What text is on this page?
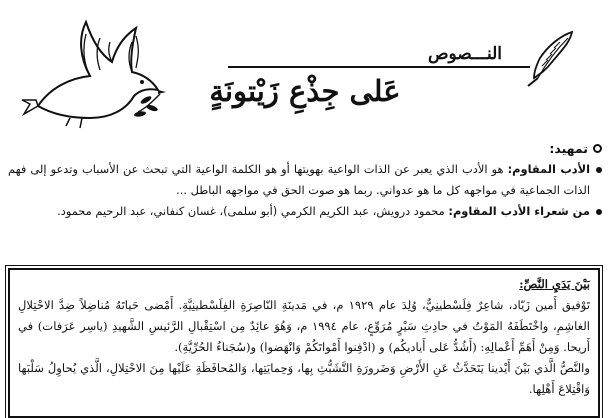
النـــصوص
عَلى جِذْعِ زَيْتونَةٍ
تمهيد:
الأدب المقاوم: هو الأدب الذي يعبر عن الذات الواعية بهويتها أو هو الكلمة الواعية التي تبحث عن الأسباب وتدعو إلى فهم الذات الجماعية في مواجهه كل ما هو عدواني. ربما هو صوت الحق في مواجهه الباطل ...
من شعراء الأدب المقاوم: محمود درويش، عبد الكريم الكرمي (أبو سلمى)، غسان كنفاني، عبد الرحيم محمود.
بَيْنَ يَدَيِ النَّصِّ:
تَوْفيق أَمين زَيّاد، شاعِرٌ فِلَسْطينِيٌّ، وُلِدَ عام ١٩٢٩ م، في مَدينَةِ النّاصِرَةِ الفِلَسْطينِيَّةِ. أَمْضى حَياتَهُ مُناضِلاً ضِدَّ الاحْتِلالِ الغاشِمِ، واخْتَطَفَهُ المَوْتُ في حادِثِ سَيْرٍ مُرَوِّعٍ، عام ١٩٩٤ م، وَهُوَ عائِدٌ مِن اسْتِقْبالِ الرَّئيسِ الشَّهيدِ (ياسِر عَرَفات) في أَريحا. وَمِنْ أَهَمِّ أَعْمالِهِ: (أَشُدُّ عَلى أَياديكُم) و (ادْفِنوا أَمْواتَكُمْ وَانْهَضوا) و(سُجَناءُ الحُرِّيَّةِ).
والنَّصُّ الَّذي بَيْنَ أَيْدينا يَتَحَدَّثُ عَنِ الأَرْضِ وَضَرورَةِ التَّشَبُّثِ بِها، وَحِمايَتِها، وَالمُحافَظَةِ عَلَيْها مِنَ الاحْتِلالِ، الَّذي يُحاوِلُ سَلْبَها وَاقْتِلاعَ أَهْلِها.
